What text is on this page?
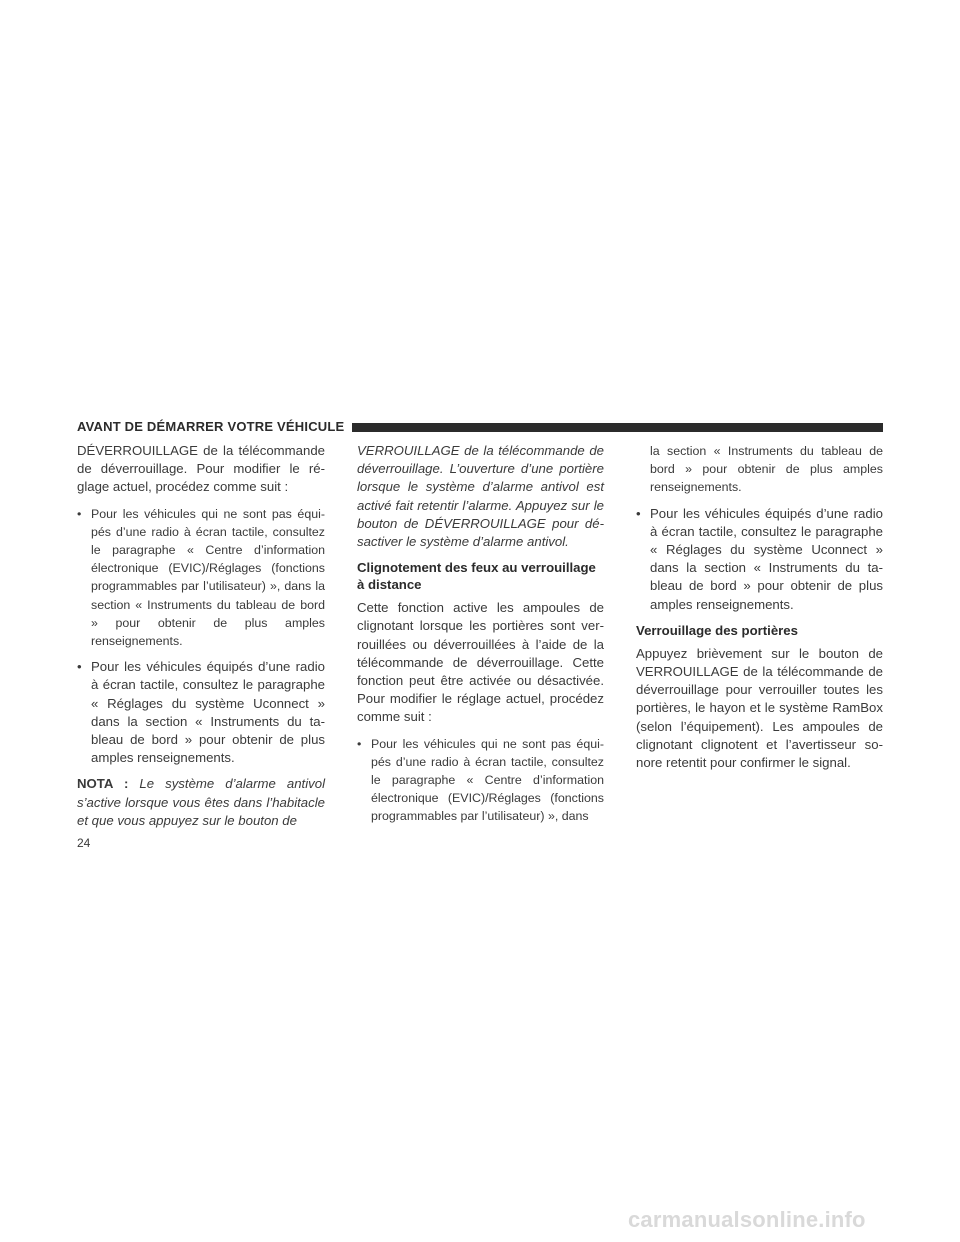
AVANT DE DÉMARRER VOTRE VÉHICULE

DÉVERROUILLAGE de la télécommande de déverrouillage. Pour modifier le ré-glage actuel, procédez comme suit :

• Pour les véhicules qui ne sont pas équi-pés d’une radio à écran tactile, consultez le paragraphe « Centre d’information électronique (EVIC)/Réglages (fonctions programmables par l’utilisateur) », dans la section « Instruments du tableau de bord » pour obtenir de plus amples renseignements.
• Pour les véhicules équipés d’une radio à écran tactile, consultez le paragraphe « Réglages du système Uconnect » dans la section « Instruments du ta-bleau de bord » pour obtenir de plus amples renseignements.

NOTA : Le système d’alarme antivol s’active lorsque vous êtes dans l’habitacle et que vous appuyez sur le bouton de

VERROUILLAGE de la télécommande de déverrouillage. L’ouverture d’une portière lorsque le système d’alarme antivol est activé fait retentir l’alarme. Appuyez sur le bouton de DÉVERROUILLAGE pour dé-sactiver le système d’alarme antivol.

Clignotement des feux au verrouillage
à distance

Cette fonction active les ampoules de clignotant lorsque les portières sont ver-rouillées ou déverrouillées à l’aide de la télécommande de déverrouillage. Cette fonction peut être activée ou désactivée. Pour modifier le réglage actuel, procédez comme suit :

• Pour les véhicules qui ne sont pas équi-pés d’une radio à écran tactile, consultez le paragraphe « Centre d’information électronique (EVIC)/Réglages (fonctions programmables par l’utilisateur) », dans
la section « Instruments du tableau de bord » pour obtenir de plus amples renseignements.
• Pour les véhicules équipés d’une radio à écran tactile, consultez le paragraphe « Réglages du système Uconnect » dans la section « Instruments du ta-bleau de bord » pour obtenir de plus amples renseignements.
Verrouillage des portières

Appuyez brièvement sur le bouton de VERROUILLAGE de la télécommande de déverrouillage pour verrouiller toutes les portières, le hayon et le système RamBox (selon l’équipement). Les ampoules de clignotant clignotent et l’avertisseur so-nore retentit pour confirmer le signal.

24
carmanualsonline.info
